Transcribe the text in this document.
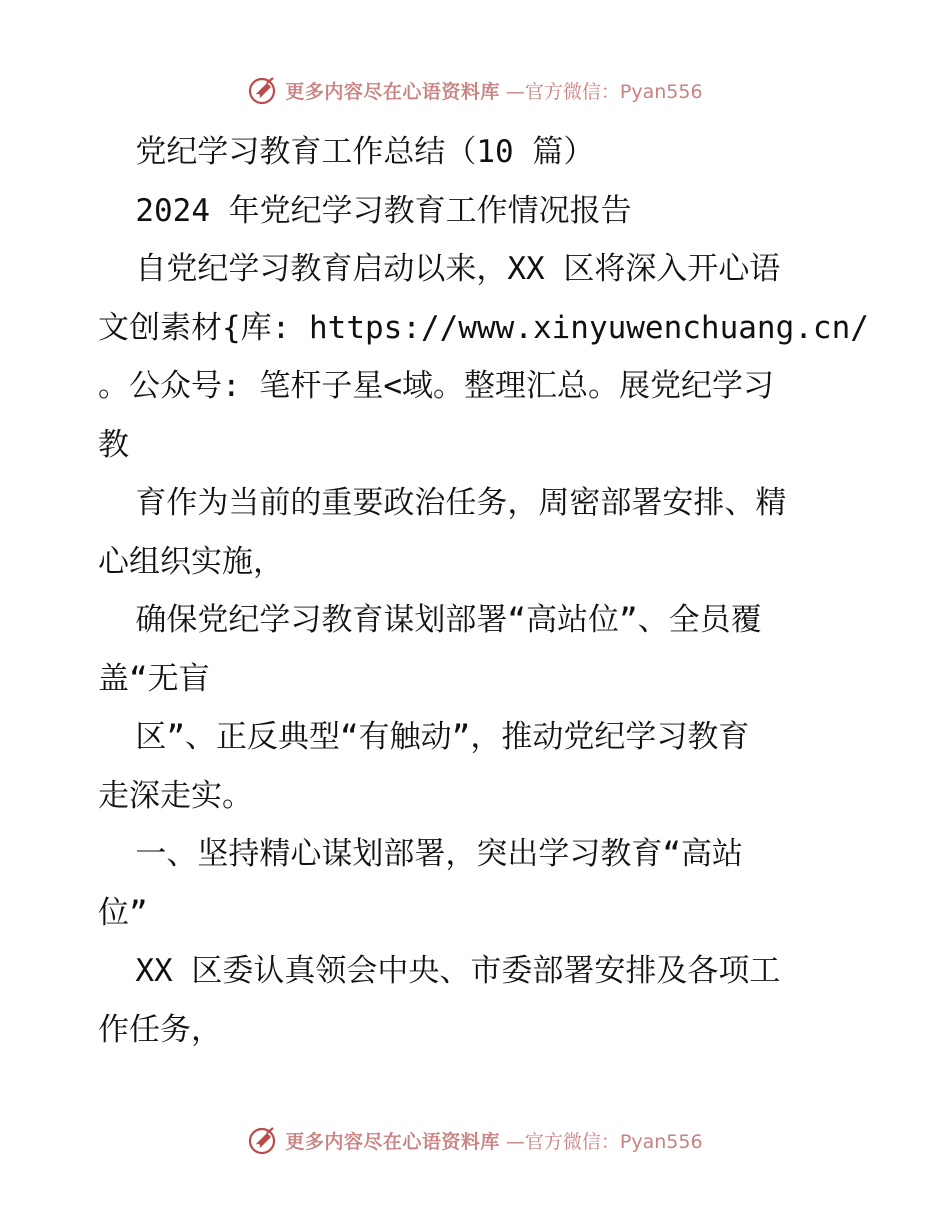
更多内容尽在心语资料库 —官方微信：Pyan556
党纪学习教育工作总结（10 篇）
2024 年党纪学习教育工作情况报告
自党纪学习教育启动以来，XX 区将深入开心语
文创素材{库: https://www.xinyuwenchuang.cn/
。公众号: 笔杆子星<域。整理汇总。展党纪学习
教
育作为当前的重要政治任务，周密部署安排、精
心组织实施，
确保党纪学习教育谋划部署“高站位”、全员覆
盖“无盲
区”、正反典型“有触动”，推动党纪学习教育
走深走实。
一、坚持精心谋划部署，突出学习教育“高站
位”
XX 区委认真领会中央、市委部署安排及各项工
作任务，
更多内容尽在心语资料库 —官方微信：Pyan556
